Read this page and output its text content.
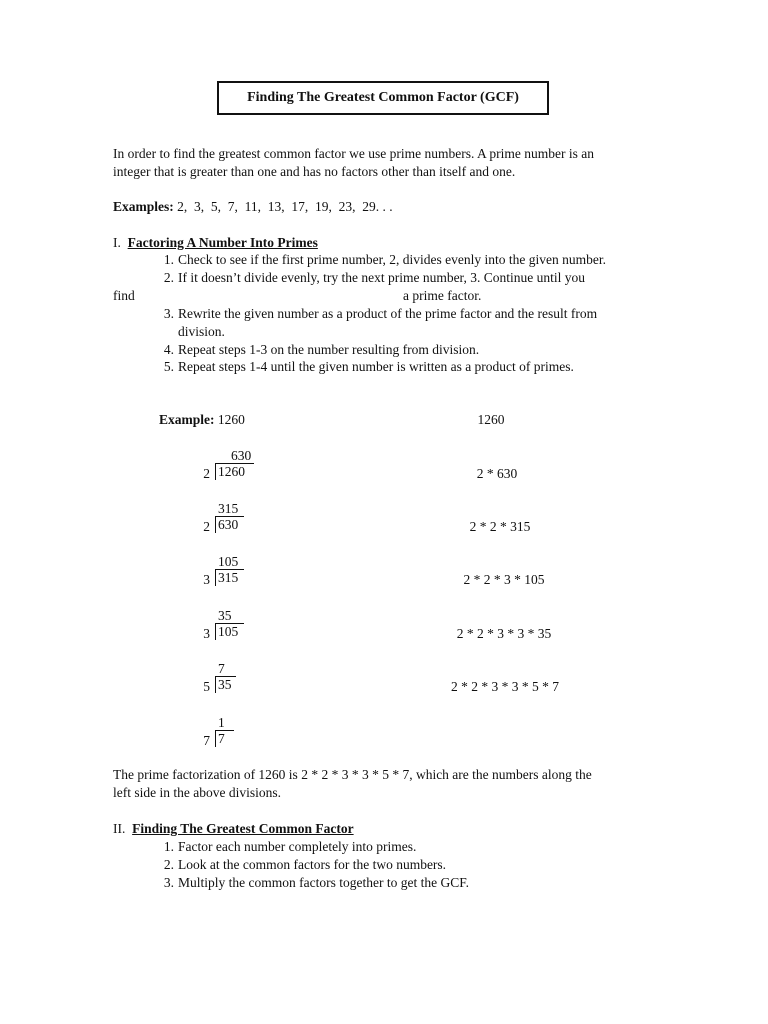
Finding The Greatest Common Factor (GCF)
In order to find the greatest common factor we use prime numbers. A prime number is an
integer that is greater than one and has no factors other than itself and one.
Examples: 2,  3,  5,  7,  11,  13,  17,  19,  23,  29. . .
I. Factoring A Number Into Primes
1. Check to see if the first prime number, 2, divides evenly into the given number.
2. If it doesn’t divide evenly, try the next prime number, 3. Continue until you
find	a prime factor.
3. Rewrite the given number as a product of the prime factor and the result from
division.
4. Repeat steps 1-3 on the number resulting from division.
5. Repeat steps 1-4 until the given number is written as a product of primes.
Example: 1260	1260
630
2 1260	2 * 630
315
2 630	2 * 2 * 315
105
3 315	2 * 2 * 3 * 105
35
3 105	2 * 2 * 3 * 3 * 35
7
5 35	2 * 2 * 3 * 3 * 5 * 7
1
7 7
The prime factorization of 1260 is 2 * 2 * 3 * 3 * 5 * 7, which are the numbers along the
left side in the above divisions.
II. Finding The Greatest Common Factor
1. Factor each number completely into primes.
2. Look at the common factors for the two numbers.
3. Multiply the common factors together to get the GCF.
